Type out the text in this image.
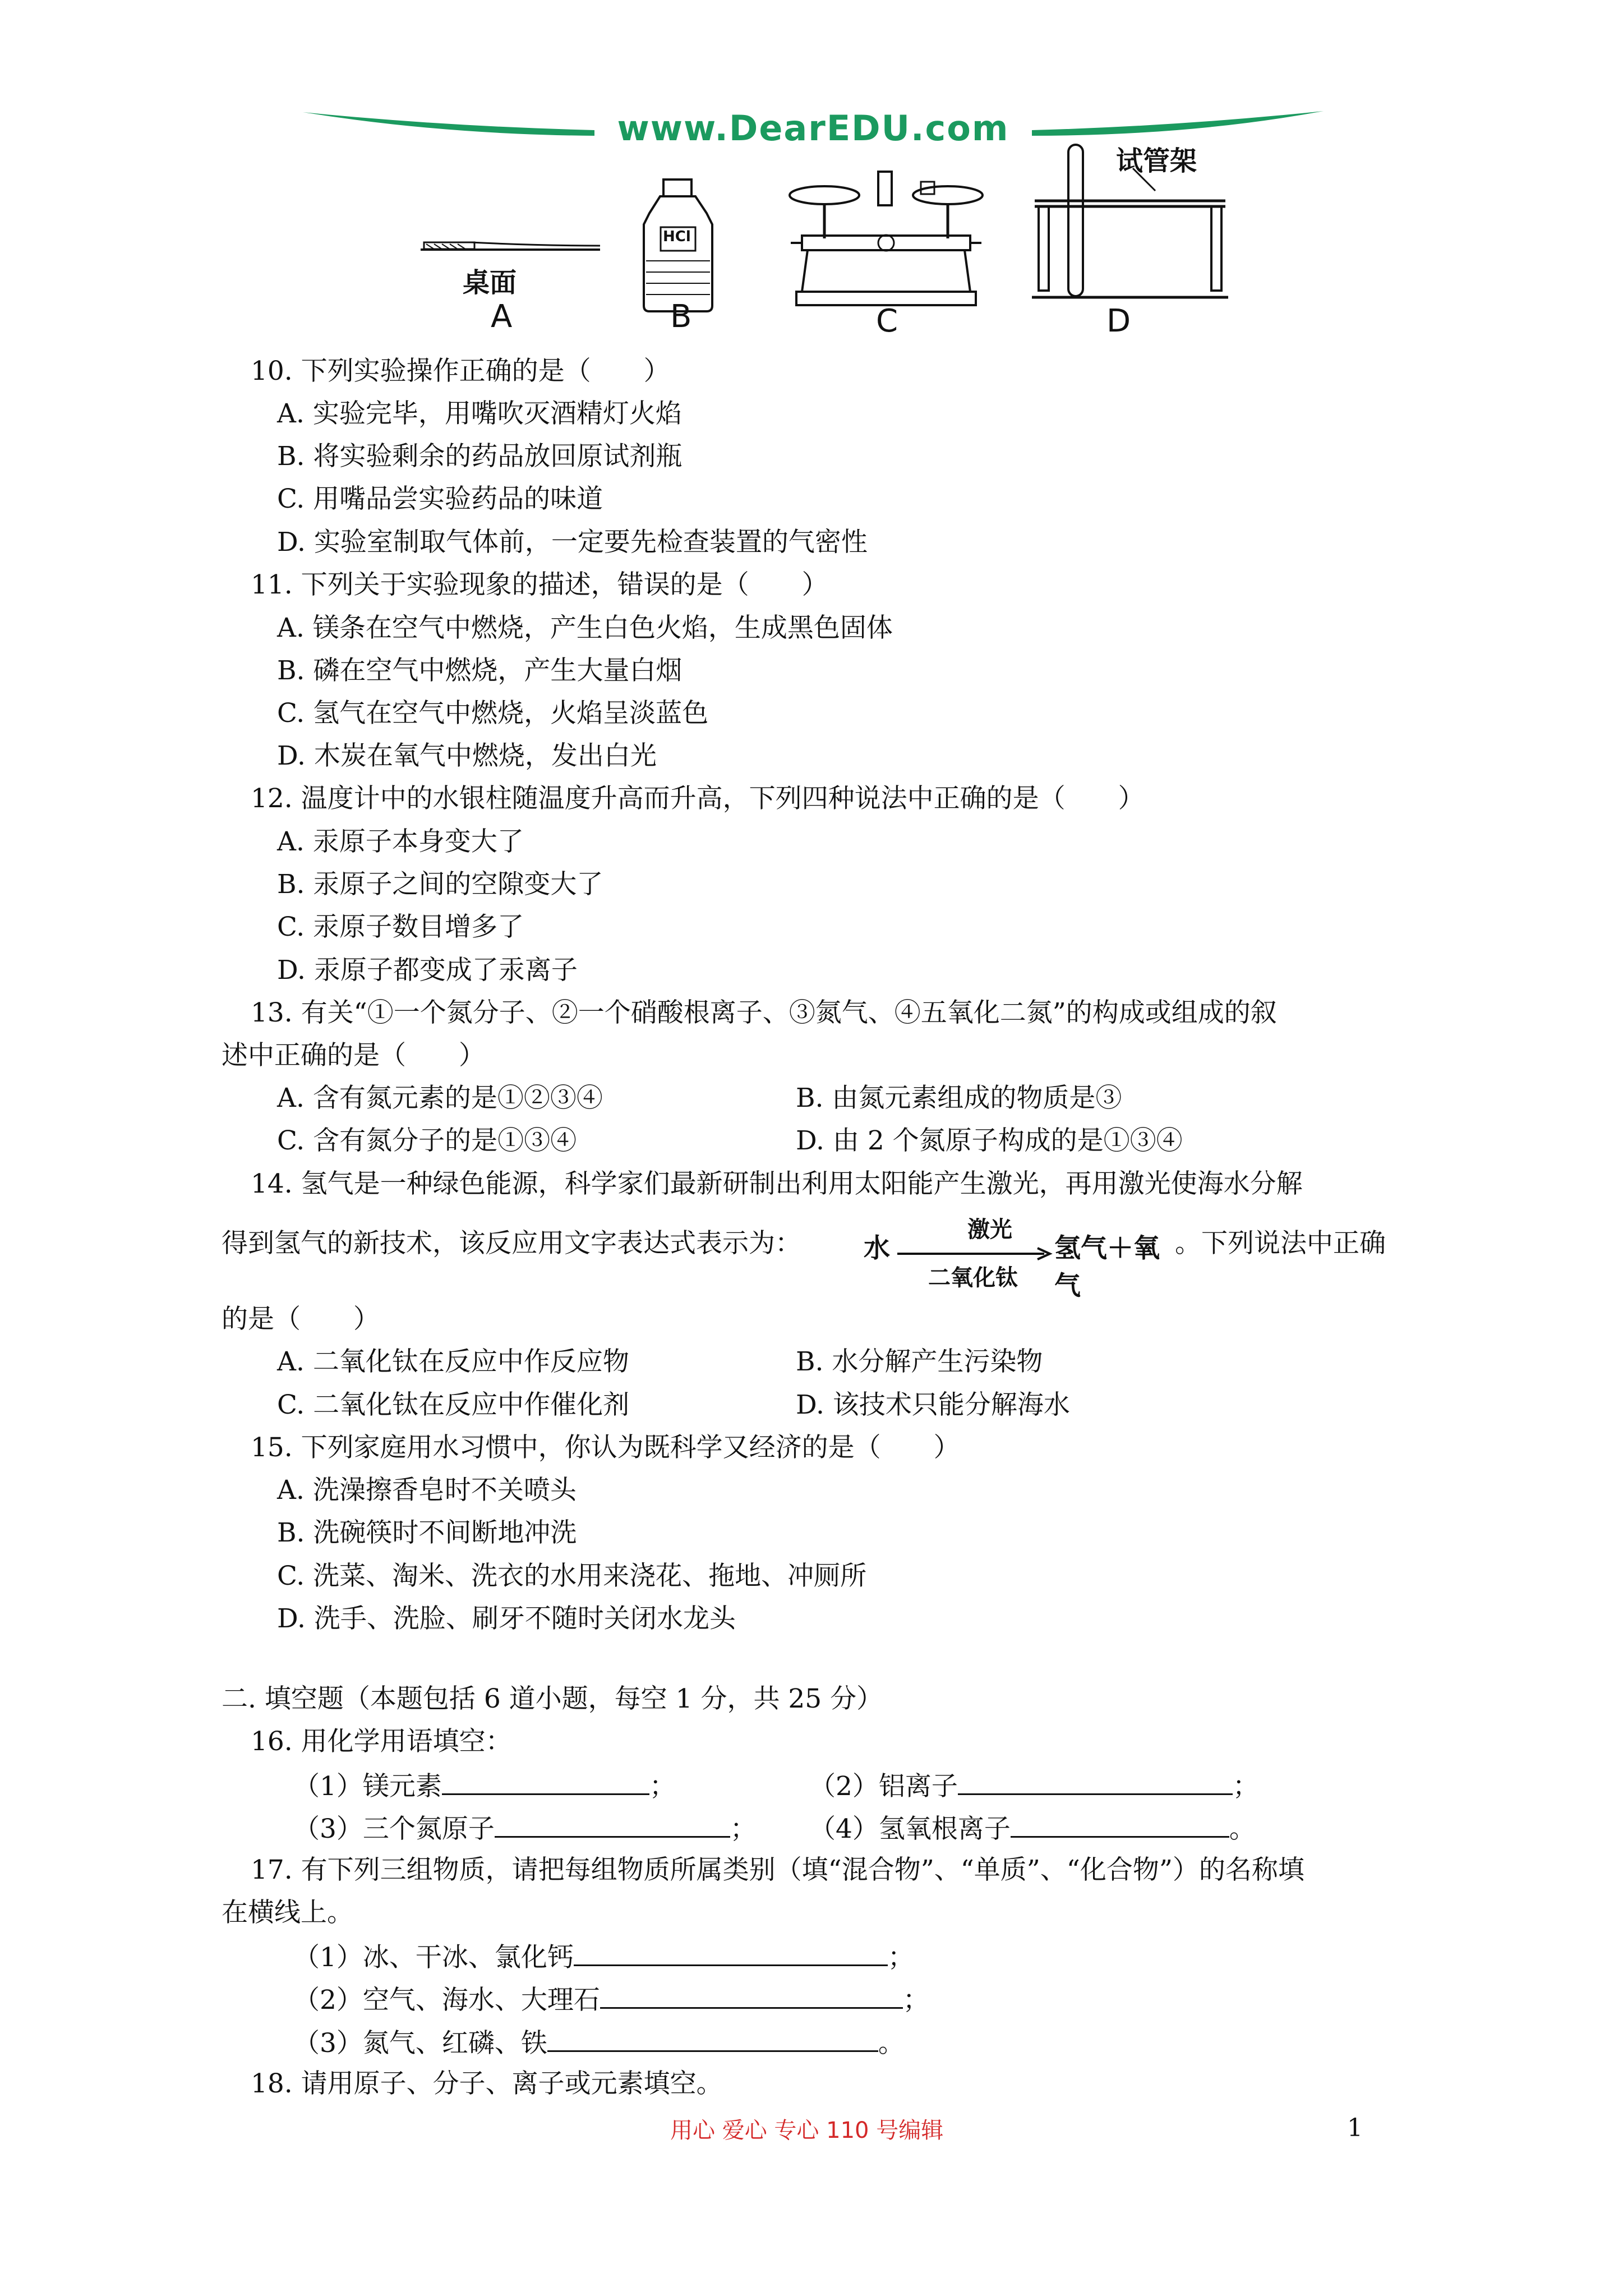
www.DearEDU.com
桌面
HCl
试管架
A	B	C	D
10. 下列实验操作正确的是（　　）
A. 实验完毕，用嘴吹灭酒精灯火焰
B. 将实验剩余的药品放回原试剂瓶
C. 用嘴品尝实验药品的味道
D. 实验室制取气体前，一定要先检查装置的气密性
11. 下列关于实验现象的描述，错误的是（　　）
A. 镁条在空气中燃烧，产生白色火焰，生成黑色固体
B. 磷在空气中燃烧，产生大量白烟
C. 氢气在空气中燃烧，火焰呈淡蓝色
D. 木炭在氧气中燃烧，发出白光
12. 温度计中的水银柱随温度升高而升高，下列四种说法中正确的是（　　）
A. 汞原子本身变大了
B. 汞原子之间的空隙变大了
C. 汞原子数目增多了
D. 汞原子都变成了汞离子
13. 有关“①一个氮分子、②一个硝酸根离子、③氮气、④五氧化二氮”的构成或组成的叙
述中正确的是（　　）
A. 含有氮元素的是①②③④	B. 由氮元素组成的物质是③
C. 含有氮分子的是①③④	D. 由 2 个氮原子构成的是①③④
14. 氢气是一种绿色能源，科学家们最新研制出利用太阳能产生激光，再用激光使海水分解
得到氢气的新技术，该反应用文字表达式表示为： 水
激光
二氧化钛
氢气＋氧气
。下列说法中正确
的是（　　）
A. 二氧化钛在反应中作反应物	B. 水分解产生污染物
C. 二氧化钛在反应中作催化剂	D. 该技术只能分解海水
15. 下列家庭用水习惯中，你认为既科学又经济的是（　　）
A. 洗澡擦香皂时不关喷头
B. 洗碗筷时不间断地冲洗
C. 洗菜、淘米、洗衣的水用来浇花、拖地、冲厕所
D. 洗手、洗脸、刷牙不随时关闭水龙头
二. 填空题（本题包括 6 道小题，每空 1 分，共 25 分）
16. 用化学用语填空：
（1）镁元素	；	（2）铝离子	；
（3）三个氮原子	； （4）氢氧根离子	。
17. 有下列三组物质，请把每组物质所属类别（填“混合物”、“单质”、“化合物”）的名称填
在横线上。
（1）冰、干冰、氯化钙	；
（2）空气、海水、大理石	；
（3）氮气、红磷、铁	。
18. 请用原子、分子、离子或元素填空。
用心 爱心 专心 110 号编辑	1
